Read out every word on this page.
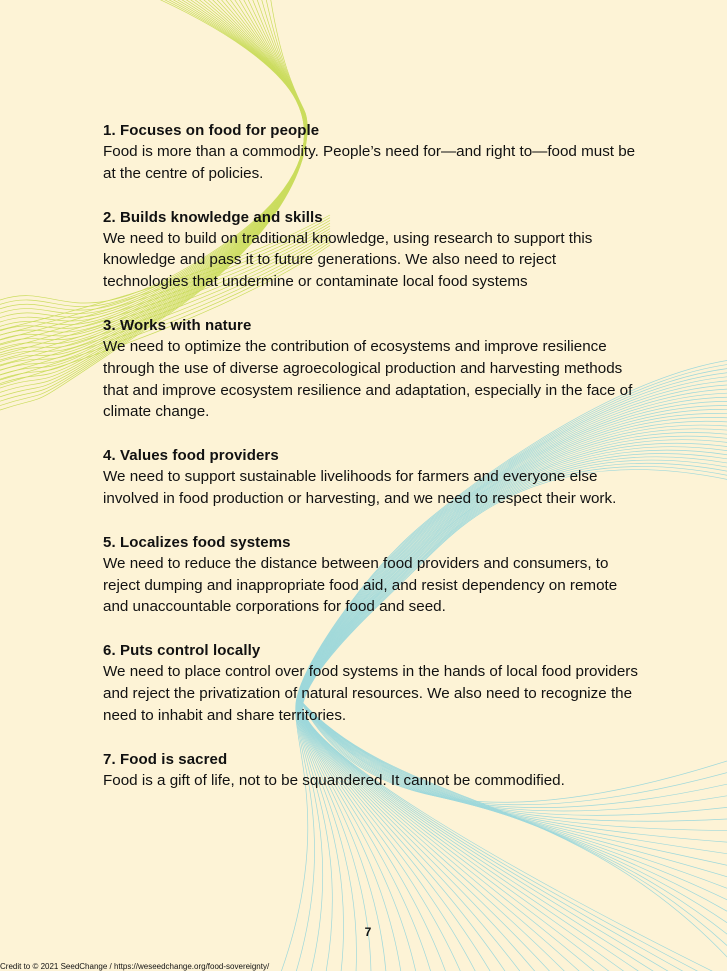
1. Focuses on food for people

Food is more than a commodity. People’s need for—and right to—food must be at the centre of policies.

2. Builds knowledge and skills

We need to build on traditional knowledge, using research to support this knowledge and pass it to future generations. We also need to reject technologies that undermine or contaminate local food systems

3. Works with nature

We need to optimize the contribution of ecosystems and improve resilience through the use of diverse agroecological production and harvesting methods that and improve ecosystem resilience and adaptation, especially in the face of climate change.

4. Values food providers

We need to support sustainable livelihoods for farmers and everyone else involved in food production or harvesting, and we need to respect their work.

5. Localizes food systems

We need to reduce the distance between food providers and consumers, to reject dumping and inappropriate food aid, and resist dependency on remote and unaccountable corporations for food and seed.

6. Puts control locally

We need to place control over food systems in the hands of local food providers and reject the privatization of natural resources. We also need to recognize the need to inhabit and share territories.

7. Food is sacred

Food is a gift of life, not to be squandered. It cannot be commodified.

7
Credit to © 2021 SeedChange / https://weseedchange.org/food-sovereignty/
